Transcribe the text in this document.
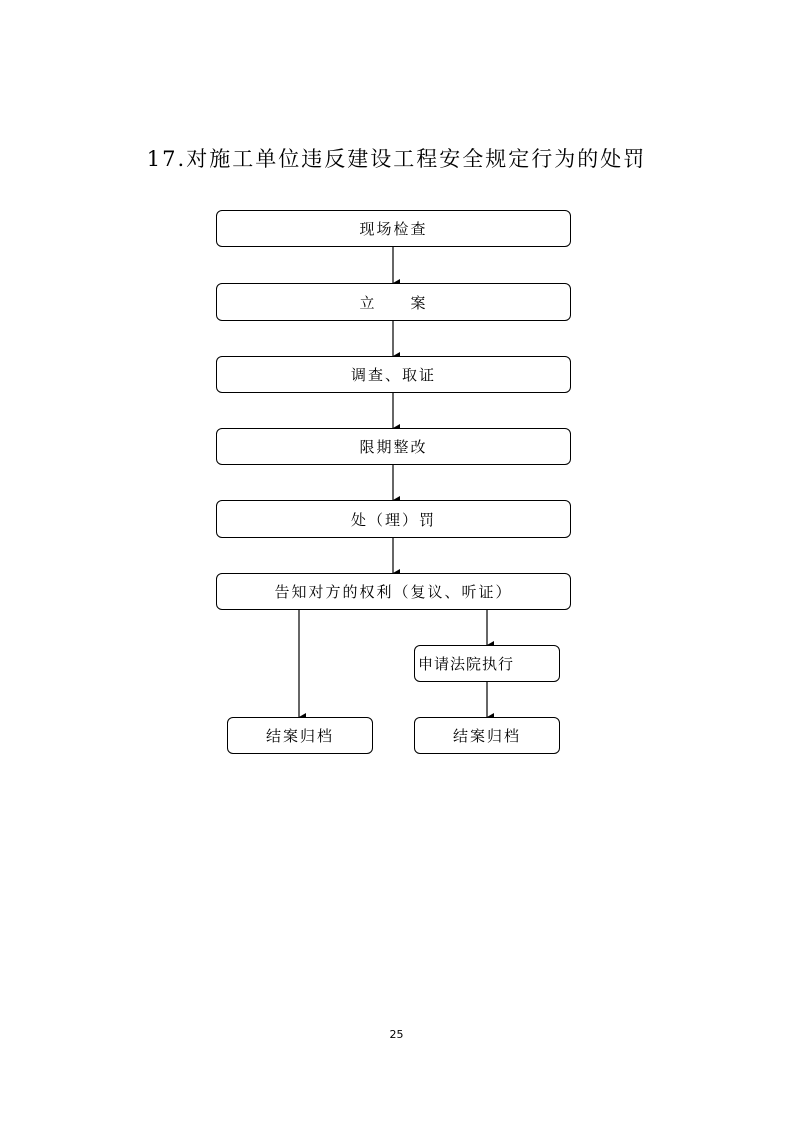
17.对施工单位违反建设工程安全规定行为的处罚
现场检查
立　　案
调查、取证
限期整改
处（理）罚
告知对方的权利（复议、听证）
申请法院执行
结案归档	结案归档
25
